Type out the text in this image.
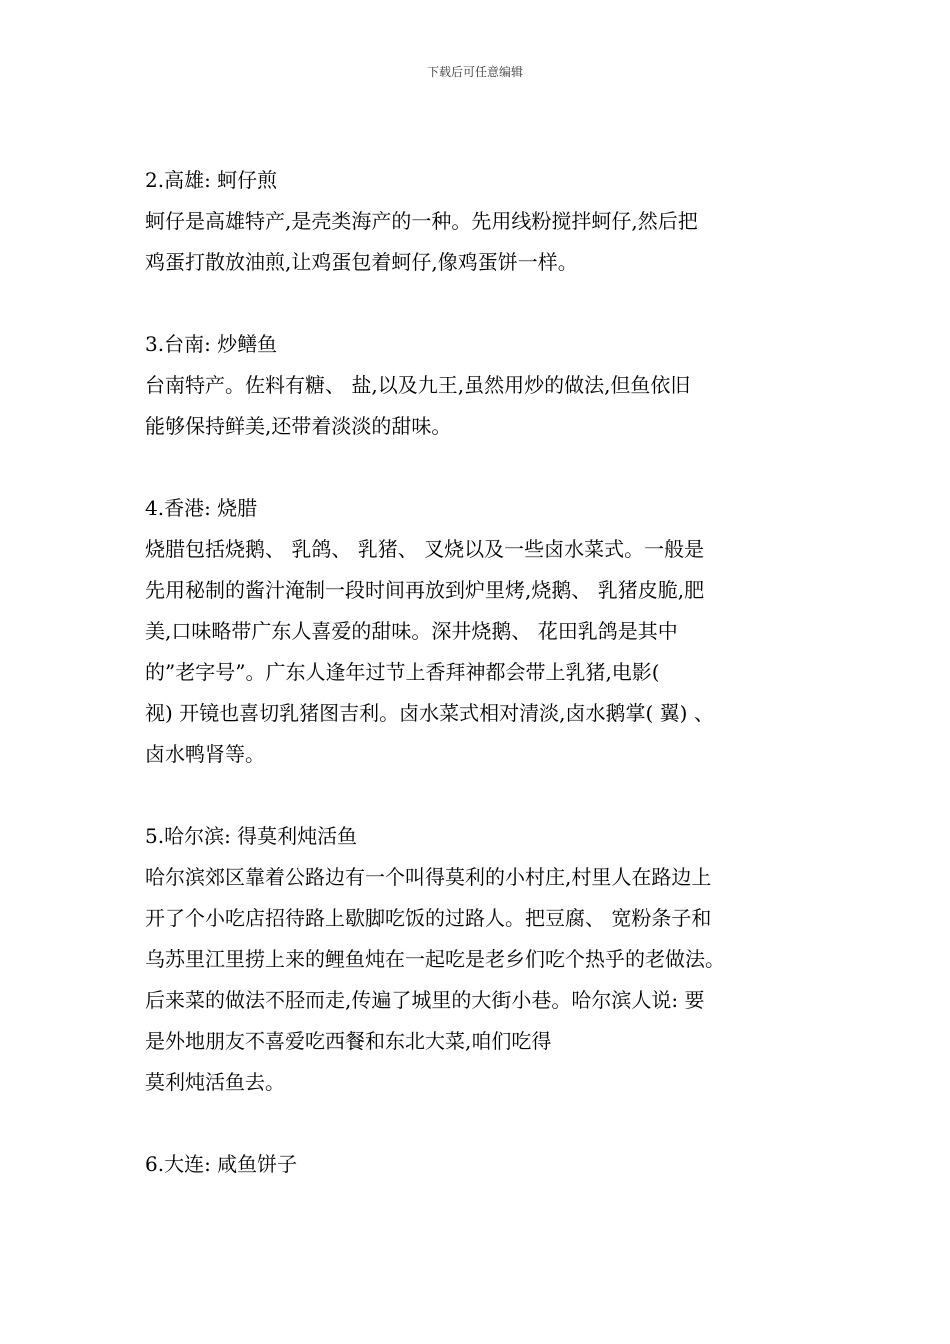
下载后可任意编辑
2.高雄: 蚵仔煎
蚵仔是高雄特产,是壳类海产的一种。先用线粉搅拌蚵仔,然后把
鸡蛋打散放油煎,让鸡蛋包着蚵仔,像鸡蛋饼一样。
3.台南: 炒鳝鱼
台南特产。佐料有糖、 盐,以及九王,虽然用炒的做法,但鱼依旧
能够保持鲜美,还带着淡淡的甜味。
4.香港: 烧腊
烧腊包括烧鹅、 乳鸽、 乳猪、 叉烧以及一些卤水菜式。一般是
先用秘制的酱汁淹制一段时间再放到炉里烤,烧鹅、 乳猪皮脆,肥
美,口味略带广东人喜爱的甜味。深井烧鹅、 花田乳鸽是其中
的”老字号”。广东人逢年过节上香拜神都会带上乳猪,电影(
视) 开镜也喜切乳猪图吉利。卤水菜式相对清淡,卤水鹅掌( 翼) 、
卤水鸭肾等。
5.哈尔滨: 得莫利炖活鱼
哈尔滨郊区靠着公路边有一个叫得莫利的小村庄,村里人在路边上
开了个小吃店招待路上歇脚吃饭的过路人。把豆腐、 宽粉条子和
乌苏里江里捞上来的鲤鱼炖在一起吃是老乡们吃个热乎的老做法。
后来菜的做法不胫而走,传遍了城里的大街小巷。哈尔滨人说: 要
是外地朋友不喜爱吃西餐和东北大菜,咱们吃得
莫利炖活鱼去。
6.大连: 咸鱼饼子
